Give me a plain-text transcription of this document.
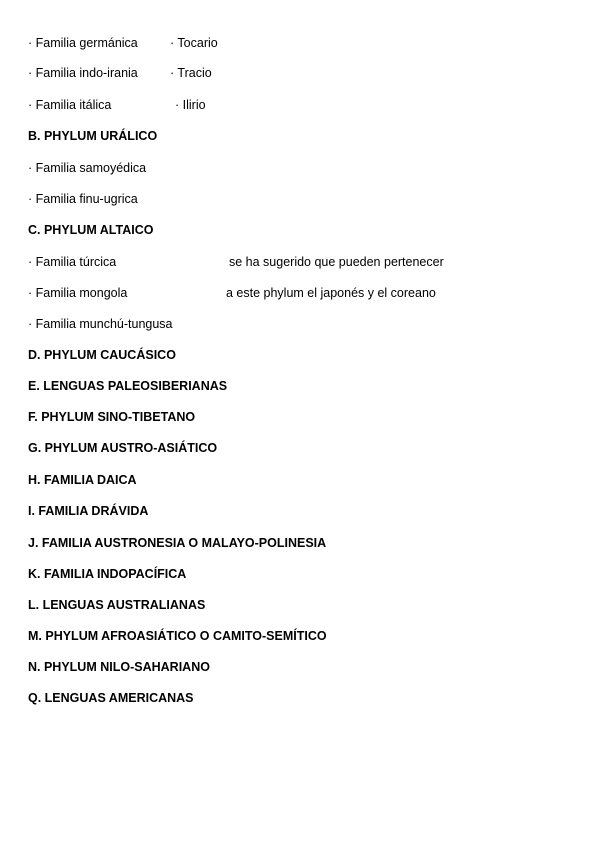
· Familia germánica	· Tocario
· Familia indo-irania	· Tracio
· Familia itálica	· Ilirio
B. PHYLUM URÁLICO
· Familia samoyédica
· Familia finu-ugrica
C. PHYLUM ALTAICO
· Familia túrcica	se ha sugerido que pueden pertenecer
· Familia mongola	a este phylum el japonés y el coreano
· Familia munchú-tungusa
D. PHYLUM CAUCÁSICO
E. LENGUAS PALEOSIBERIANAS
F. PHYLUM SINO-TIBETANO
G. PHYLUM AUSTRO-ASIÁTICO
H. FAMILIA DAICA
I. FAMILIA DRÁVIDA
J. FAMILIA AUSTRONESIA O MALAYO-POLINESIA
K. FAMILIA INDOPACÍFICA
L. LENGUAS AUSTRALIANAS
M. PHYLUM AFROASIÁTICO O CAMITO-SEMÍTICO
N. PHYLUM NILO-SAHARIANO
Q. LENGUAS AMERICANAS
